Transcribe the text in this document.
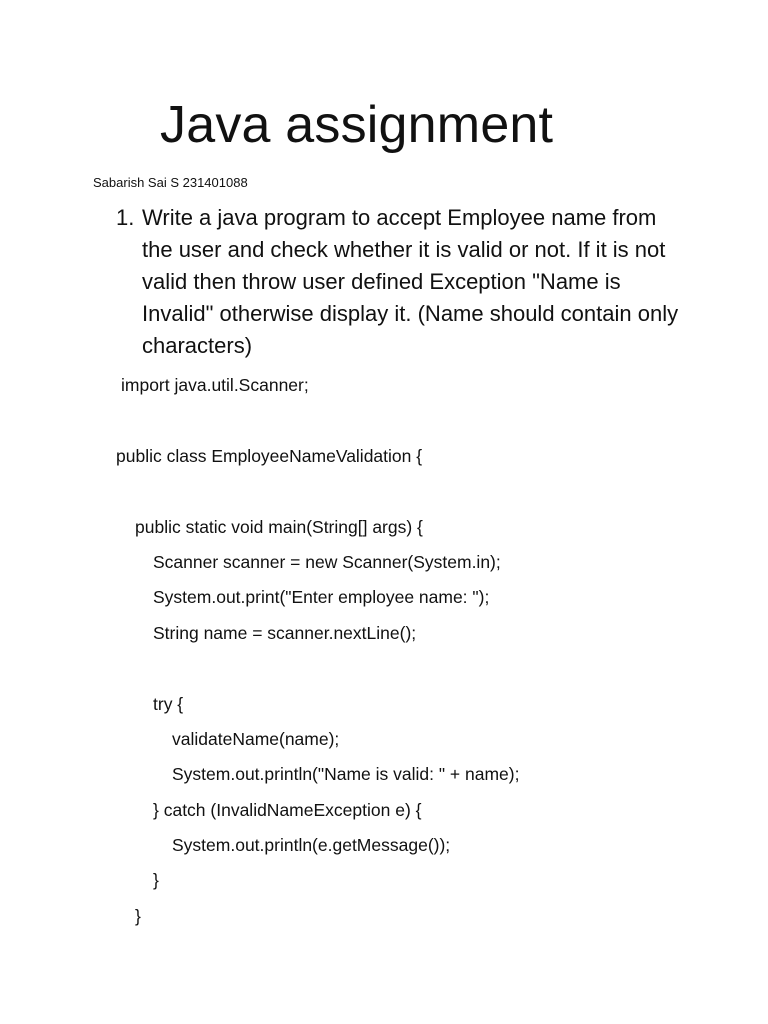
Java assignment
Sabarish Sai S 231401088
1. Write a java program to accept Employee name from the user and check whether it is valid or not. If it is not valid then throw user defined Exception "Name is Invalid" otherwise display it. (Name should contain only characters)
import java.util.Scanner;
public class EmployeeNameValidation {
public static void main(String[] args) {
Scanner scanner = new Scanner(System.in);
System.out.print("Enter employee name: ");
String name = scanner.nextLine();
try {
validateName(name);
System.out.println("Name is valid: " + name);
} catch (InvalidNameException e) {
System.out.println(e.getMessage());
}
}
